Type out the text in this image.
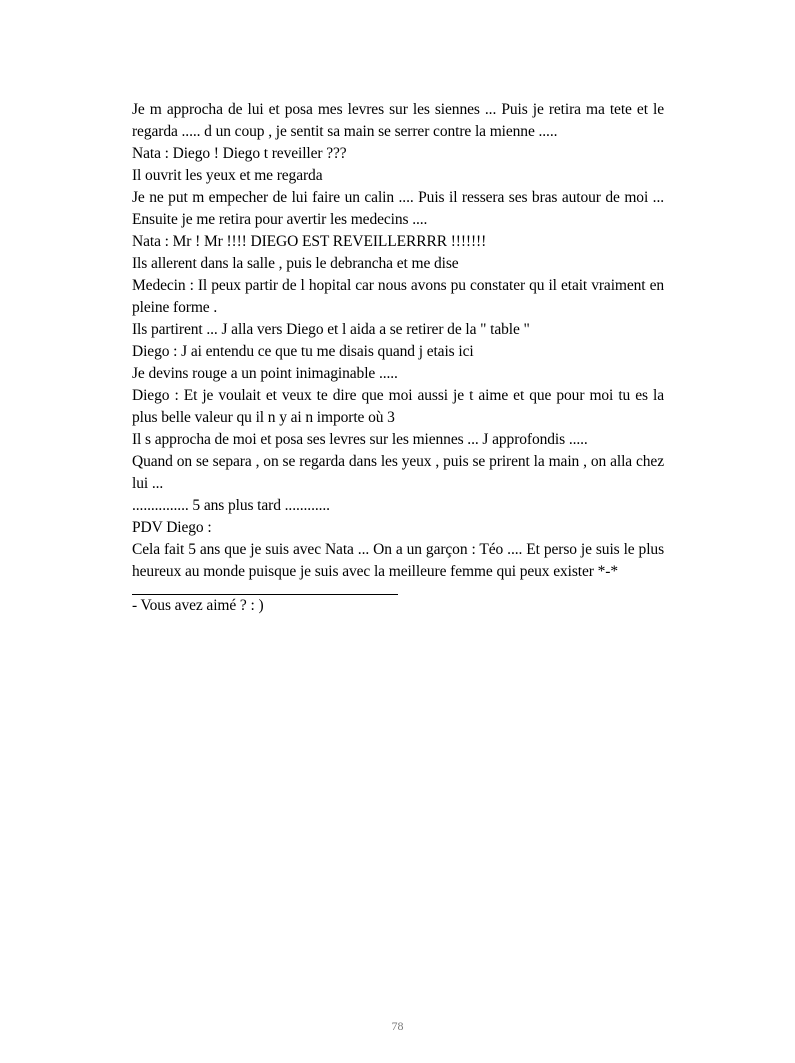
Je m approcha de lui et posa mes levres sur les siennes ... Puis je retira ma tete et le regarda ..... d un coup , je sentit sa main se serrer contre la mienne .....

Nata : Diego ! Diego t reveiller ???

Il ouvrit les yeux et me regarda

Je ne put m empecher de lui faire un calin .... Puis il ressera ses bras autour de moi ... Ensuite je me retira pour avertir les medecins ....

Nata : Mr ! Mr !!!! DIEGO EST REVEILLERRRR !!!!!!!

Ils allerent dans la salle , puis le debrancha et me dise

Medecin : Il peux partir de l hopital car nous avons pu constater qu il etait vraiment en pleine forme .

Ils partirent ... J alla vers Diego et l aida a se retirer de la " table "

Diego : J ai entendu ce que tu me disais quand j etais ici

Je devins rouge a un point inimaginable .....

Diego : Et je voulait et veux te dire que moi aussi je t aime et que pour moi tu es la plus belle valeur qu il n y ai n importe où 3

Il s approcha de moi et posa ses levres sur les miennes ... J approfondis .....

Quand on se separa , on se regarda dans les yeux , puis se prirent la main , on alla chez lui ...

............... 5 ans plus tard ............

PDV Diego :

Cela fait 5 ans que je suis avec Nata ... On a un garçon : Téo .... Et perso je suis le plus heureux au monde puisque je suis avec la meilleure femme qui peux exister *-*

- Vous avez aimé ? : )

78
